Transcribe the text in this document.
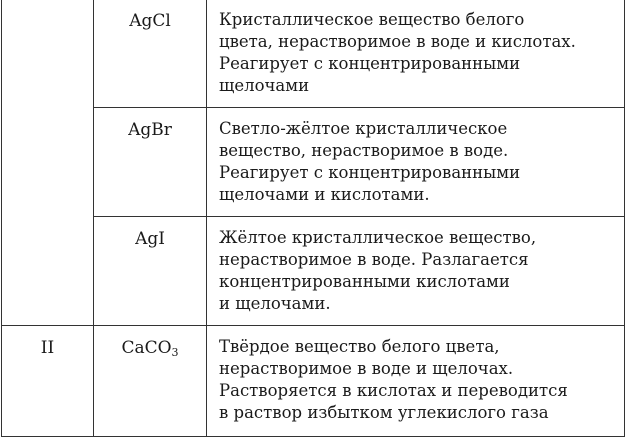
	AgCl	Кристаллическое вещество белого
цвета, нерастворимое в воде и кислотах.
Реагирует с концентрированными
щелочами

	AgBr	Светло-жёлтое кристаллическое
вещество, нерастворимое в воде.
Реагирует с концентрированными
щелочами и кислотами.

	AgI	Жёлтое кристаллическое вещество,
нерастворимое в воде. Разлагается
концентрированными кислотами
и щелочами.

II	CaCO$_3$	Твёрдое вещество белого цвета,
нерастворимое в воде и щелочах.
Растворяется в кислотах и переводится
в раствор избытком углекислого газа
